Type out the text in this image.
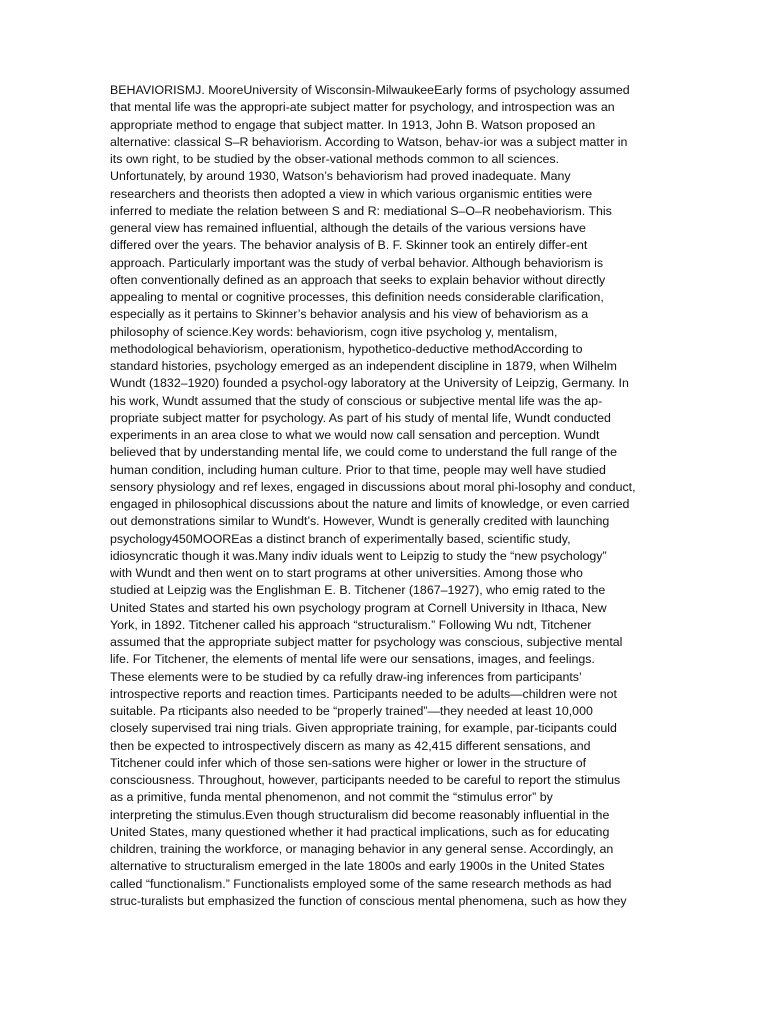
BEHAVIORISMJ. MooreUniversity of Wisconsin-MilwaukeeEarly forms of psychology assumed
that mental life was the appropri-ate subject matter for psychology, and introspection was an
appropriate method to engage that subject matter. In 1913, John B. Watson proposed an
alternative: classical S–R behaviorism. According to Watson, behav-ior was a subject matter in
its own right, to be studied by the obser-vational methods common to all sciences.
Unfortunately, by around 1930, Watson’s behaviorism had proved inadequate. Many
researchers and theorists then adopted a view in which various organismic entities were
inferred to mediate the relation between S and R: mediational S–O–R neobehaviorism. This
general view has remained influential, although the details of the various versions have
differed over the years. The behavior analysis of B. F. Skinner took an entirely differ-ent
approach. Particularly important was the study of verbal behavior. Although behaviorism is
often conventionally defined as an approach that seeks to explain behavior without directly
appealing to mental or cognitive processes, this definition needs considerable clarification,
especially as it pertains to Skinner’s behavior analysis and his view of behaviorism as a
philosophy of science.Key words: behaviorism, cogn itive psycholog y, mentalism,
methodological behaviorism, operationism, hypothetico-deductive methodAccording to
standard histories, psychology emerged as an independent discipline in 1879, when Wilhelm
Wundt (1832–1920) founded a psychol-ogy laboratory at the University of Leipzig, Germany. In
his work, Wundt assumed that the study of conscious or subjective mental life was the ap-
propriate subject matter for psychology. As part of his study of mental life, Wundt conducted
experiments in an area close to what we would now call sensation and perception. Wundt
believed that by understanding mental life, we could come to understand the full range of the
human condition, including human culture. Prior to that time, people may well have studied
sensory physiology and ref lexes, engaged in discussions about moral phi-losophy and conduct,
engaged in philosophical discussions about the nature and limits of knowledge, or even carried
out demonstrations similar to Wundt’s. However, Wundt is generally credited with launching
psychology450MOOREas a distinct branch of experimentally based, scientific study,
idiosyncratic though it was.Many indiv iduals went to Leipzig to study the “new psychology”
with Wundt and then went on to start programs at other universities. Among those who
studied at Leipzig was the Englishman E. B. Titchener (1867–1927), who emig rated to the
United States and started his own psychology program at Cornell University in Ithaca, New
York, in 1892. Titchener called his approach “structuralism.” Following Wu ndt, Titchener
assumed that the appropriate subject matter for psychology was conscious, subjective mental
life. For Titchener, the elements of mental life were our sensations, images, and feelings.
These elements were to be studied by ca refully draw-ing inferences from participants’
introspective reports and reaction times. Participants needed to be adults—children were not
suitable. Pa rticipants also needed to be “properly trained”—they needed at least 10,000
closely supervised trai ning trials. Given appropriate training, for example, par-ticipants could
then be expected to introspectively discern as many as 42,415 different sensations, and
Titchener could infer which of those sen-sations were higher or lower in the structure of
consciousness. Throughout, however, participants needed to be careful to report the stimulus
as a primitive, funda mental phenomenon, and not commit the “stimulus error” by
interpreting the stimulus.Even though structuralism did become reasonably influential in the
United States, many questioned whether it had practical implications, such as for educating
children, training the workforce, or managing behavior in any general sense. Accordingly, an
alternative to structuralism emerged in the late 1800s and early 1900s in the United States
called “functionalism.” Functionalists employed some of the same research methods as had
struc-turalists but emphasized the function of conscious mental phenomena, such as how they
